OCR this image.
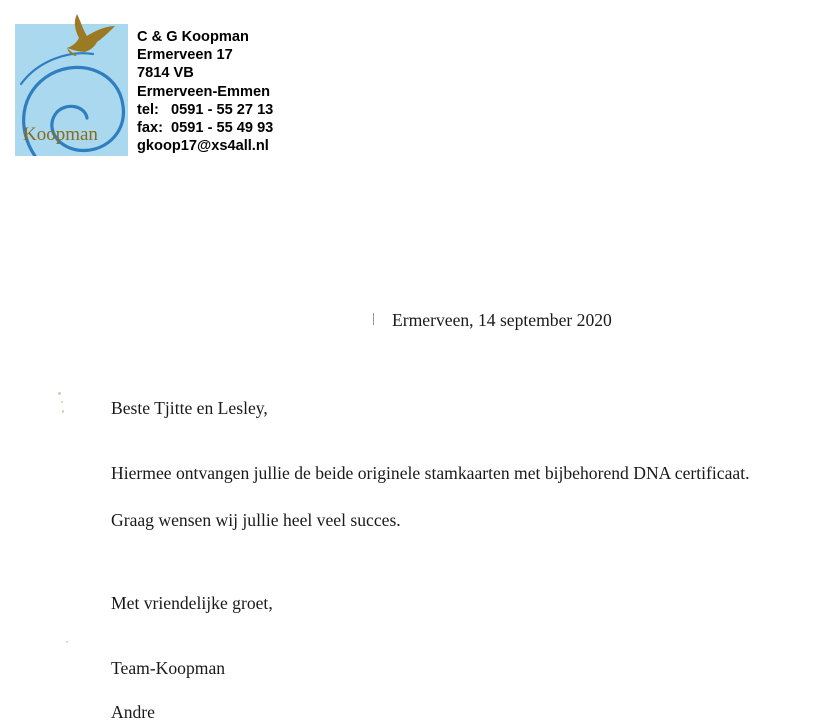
Koopman
C & G Koopman
Ermerveen 17
7814 VB
Ermerveen-Emmen
tel:   0591 - 55 27 13
fax:  0591 - 55 49 93
gkoop17@xs4all.nl
Ermerveen, 14 september 2020
Beste Tjitte en Lesley,
Hiermee ontvangen jullie de beide originele stamkaarten met bijbehorend DNA certificaat.
Graag wensen wij jullie heel veel succes.
Met vriendelijke groet,
Team-Koopman
Andre
